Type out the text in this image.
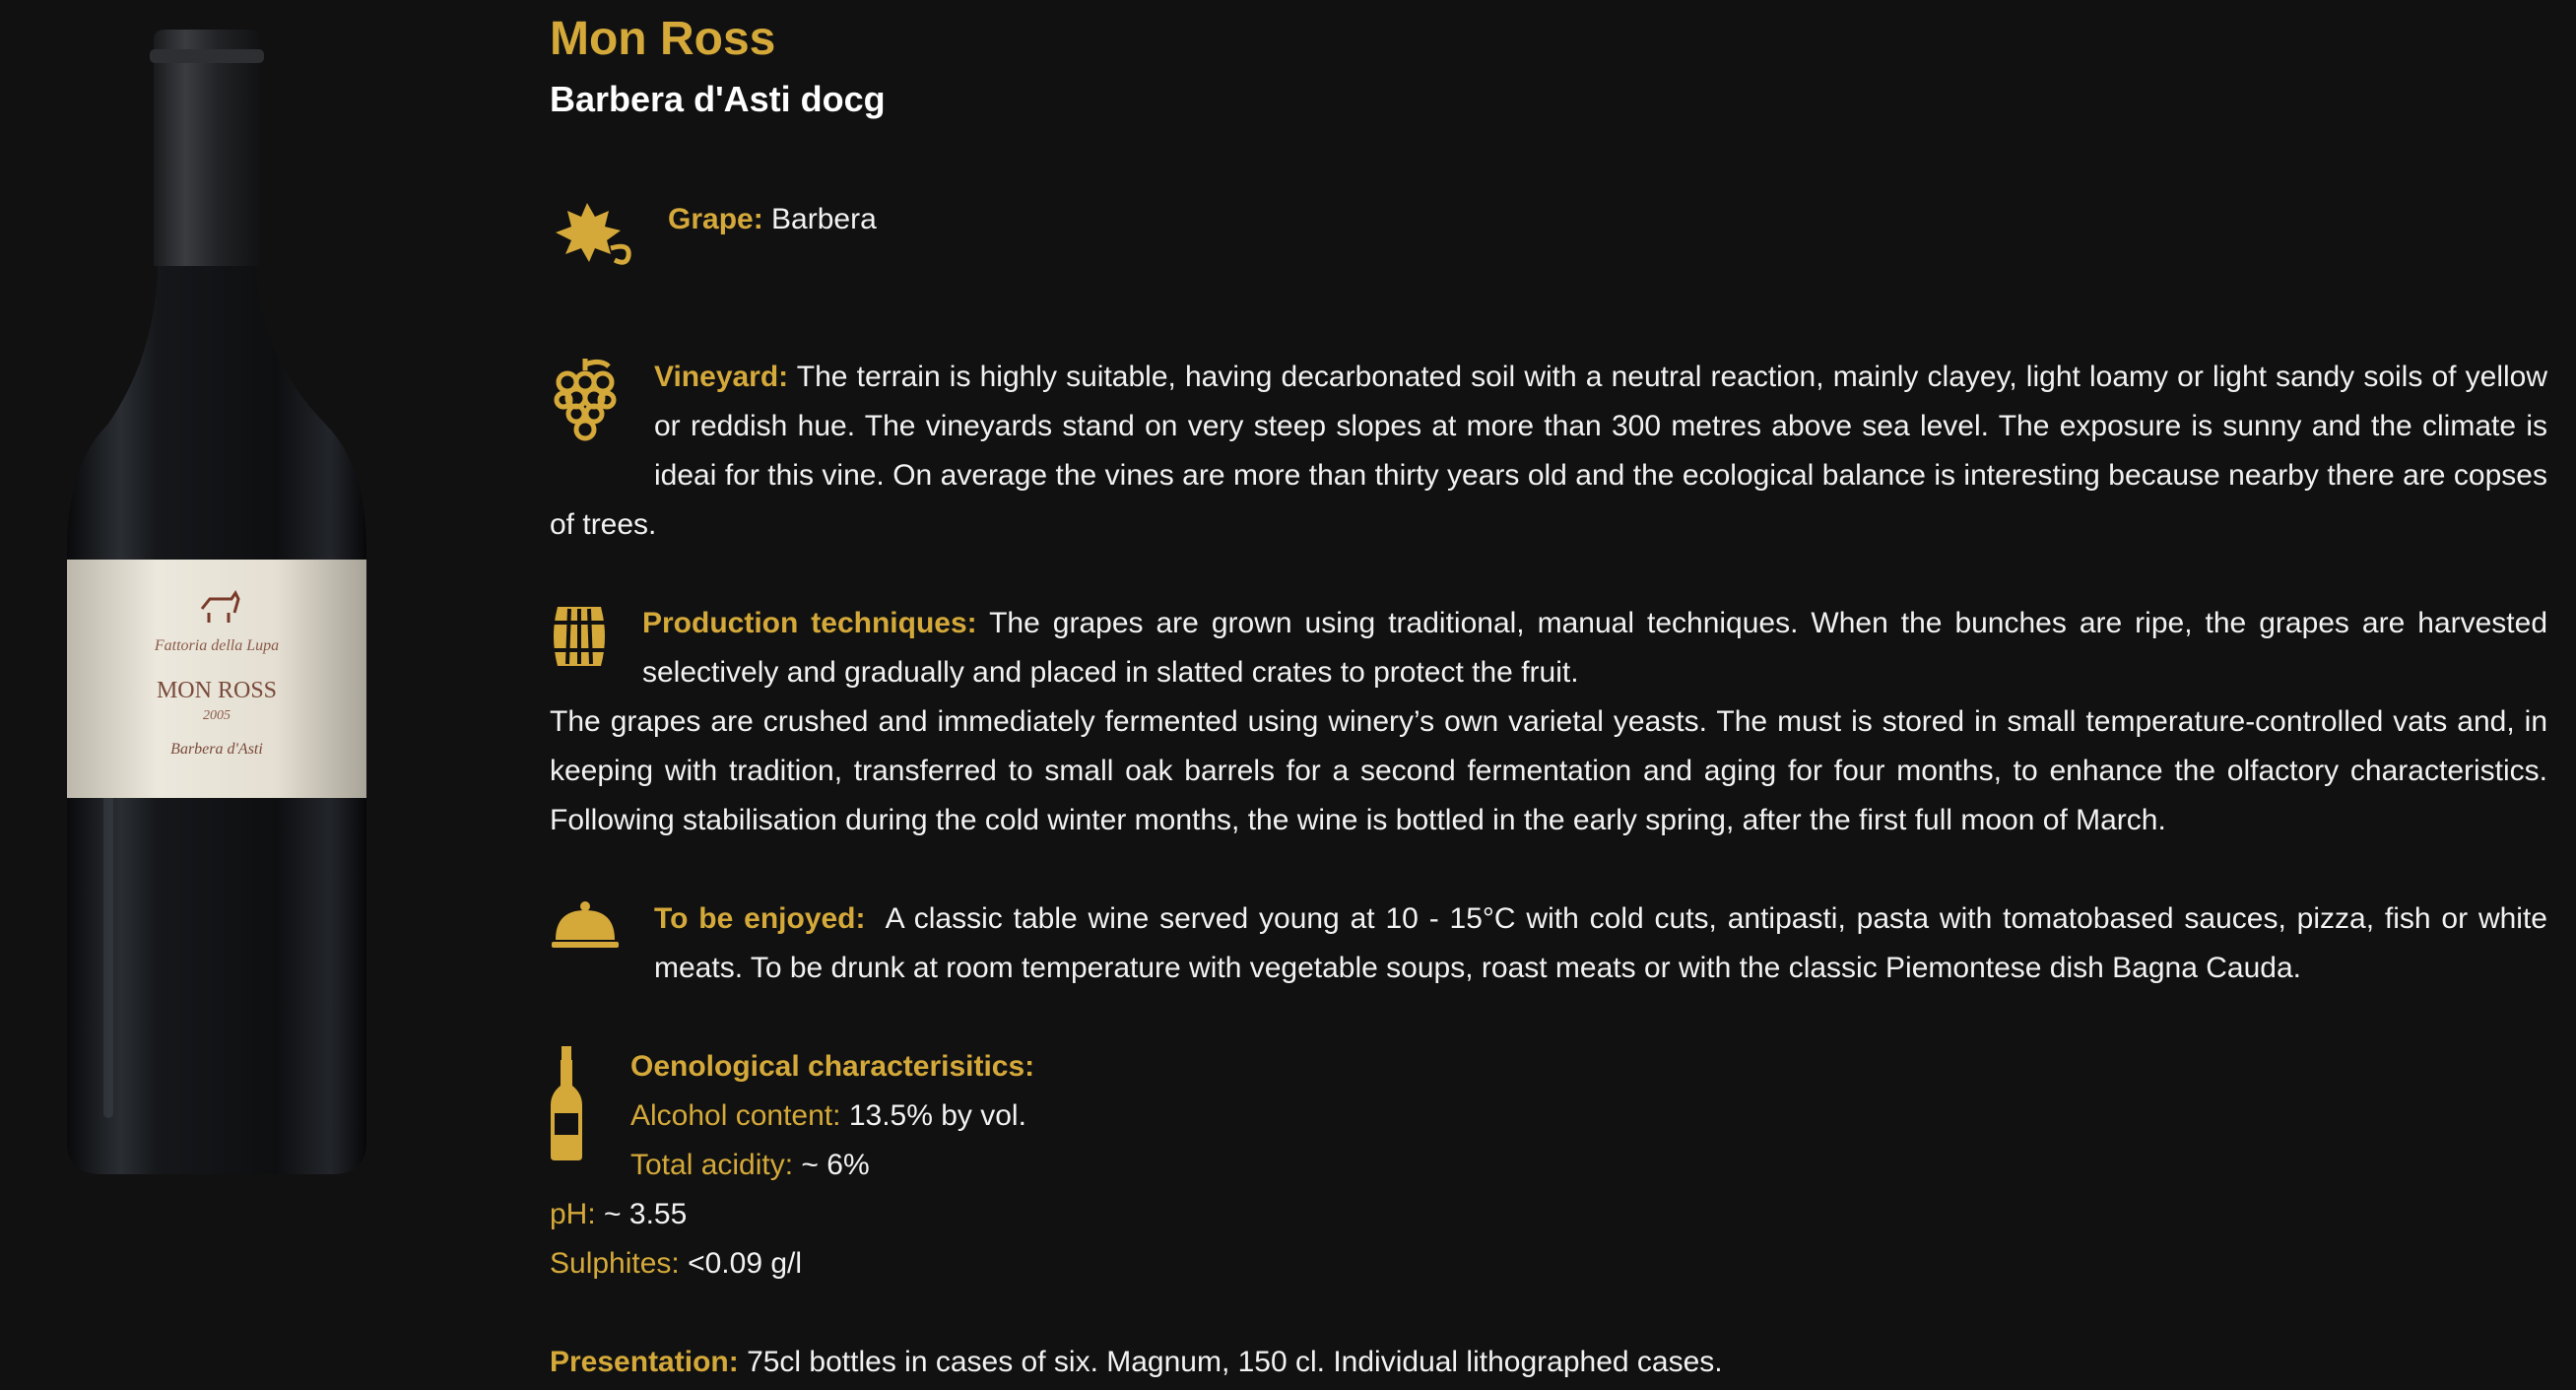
Fattoria della Lupa
MON ROSS
2005
Barbera d'Asti
Mon Ross
Barbera d'Asti docg

Grape: Barbera

Vineyard: The terrain is highly suitable, having decarbonated soil with a neutral reaction, mainly clayey, light loamy or light sandy soils of yellow or reddish hue. The vineyards stand on very steep slopes at more than 300 metres above sea level. The exposure is sunny and the climate is ideai for this vine. On average the vines are more than thirty years old and the ecological balance is interesting because nearby there are copses of trees.

Production techniques: The grapes are grown using traditional, manual techniques. When the bunches are ripe, the grapes are harvested selectively and gradually and placed in slatted crates to protect the fruit.

The grapes are crushed and immediately fermented using winery’s own varietal yeasts. The must is stored in small temperature-controlled vats and, in keeping with tradition, transferred to small oak barrels for a second fermentation and aging for four months, to enhance the olfactory characteristics. Following stabilisation during the cold winter months, the wine is bottled in the early spring, after the first full moon of March.

To be enjoyed: A classic table wine served young at 10 - 15°C with cold cuts, antipasti, pasta with tomatobased sauces, pizza, fish or white meats. To be drunk at room temperature with vegetable soups, roast meats or with the classic Piemontese dish Bagna Cauda.

Oenological characterisitics:
Alcohol content: 13.5% by vol.
Total acidity: ~ 6%
pH: ~ 3.55
Sulphites: <0.09 g/l

Presentation: 75cl bottles in cases of six. Magnum, 150 cl. Individual lithographed cases.
